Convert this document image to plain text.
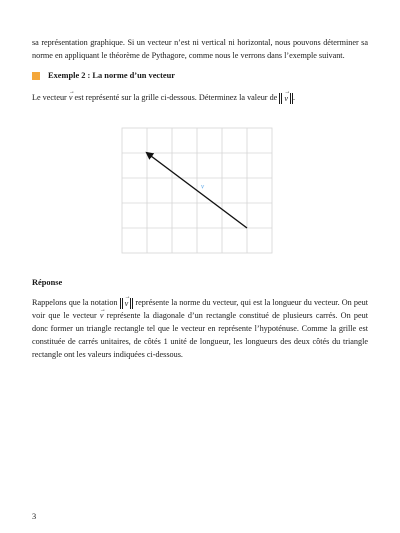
sa représentation graphique. Si un vecteur n’est ni vertical ni horizontal, nous pouvons déterminer sa norme en appliquant le théorème de Pythagore, comme nous le verrons dans l’exemple suivant.

Exemple 2 : La norme d’un vecteur

Le vecteur → v est représenté sur la grille ci-dessous. Déterminez la valeur de → v .

v
Réponse

Rappelons que la notation → v représente la norme du vecteur, qui est la longueur du vecteur. On peut voir que le vecteur → v représente la diagonale d’un rectangle constitué de plusieurs carrés. On peut donc former un triangle rectangle tel que le vecteur en représente l’hypoténuse. Comme la grille est constituée de carrés unitaires, de côtés 1 unité de longueur, les longueurs des deux côtés du triangle rectangle ont les valeurs indiquées ci-dessous.

3
